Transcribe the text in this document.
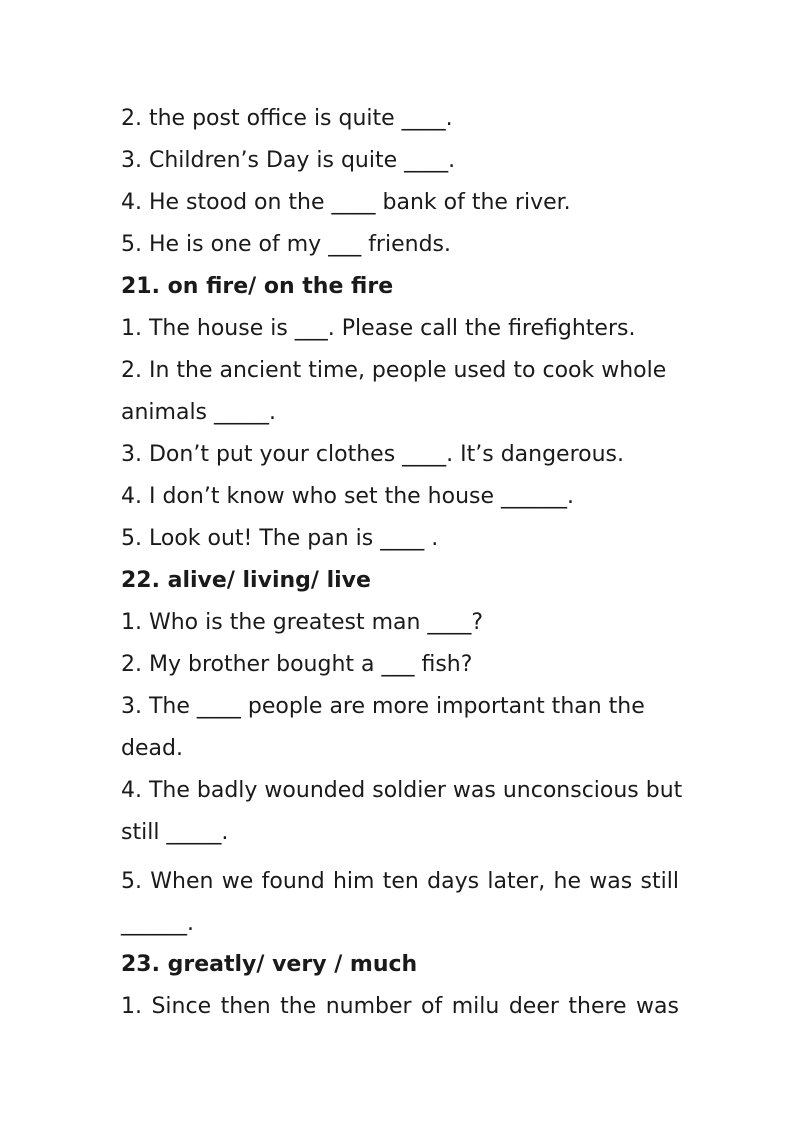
2. the post office is quite ____.
3. Children’s Day is quite ____.
4. He stood on the ____ bank of the river.
5. He is one of my ___ friends.
21. on fire/ on the fire
1. The house is ___. Please call the firefighters.
2. In the ancient time, people used to cook whole
animals _____.
3. Don’t put your clothes ____. It’s dangerous.
4. I don’t know who set the house ______.
5. Look out! The pan is ____ .
22. alive/ living/ live
1. Who is the greatest man ____?
2. My brother bought a ___ fish?
3. The ____ people are more important than the
dead.
4. The badly wounded soldier was unconscious but
still _____.
5. When we found him ten days later, he was still
______.
23. greatly/ very / much
1. Since then the number of milu deer there was
